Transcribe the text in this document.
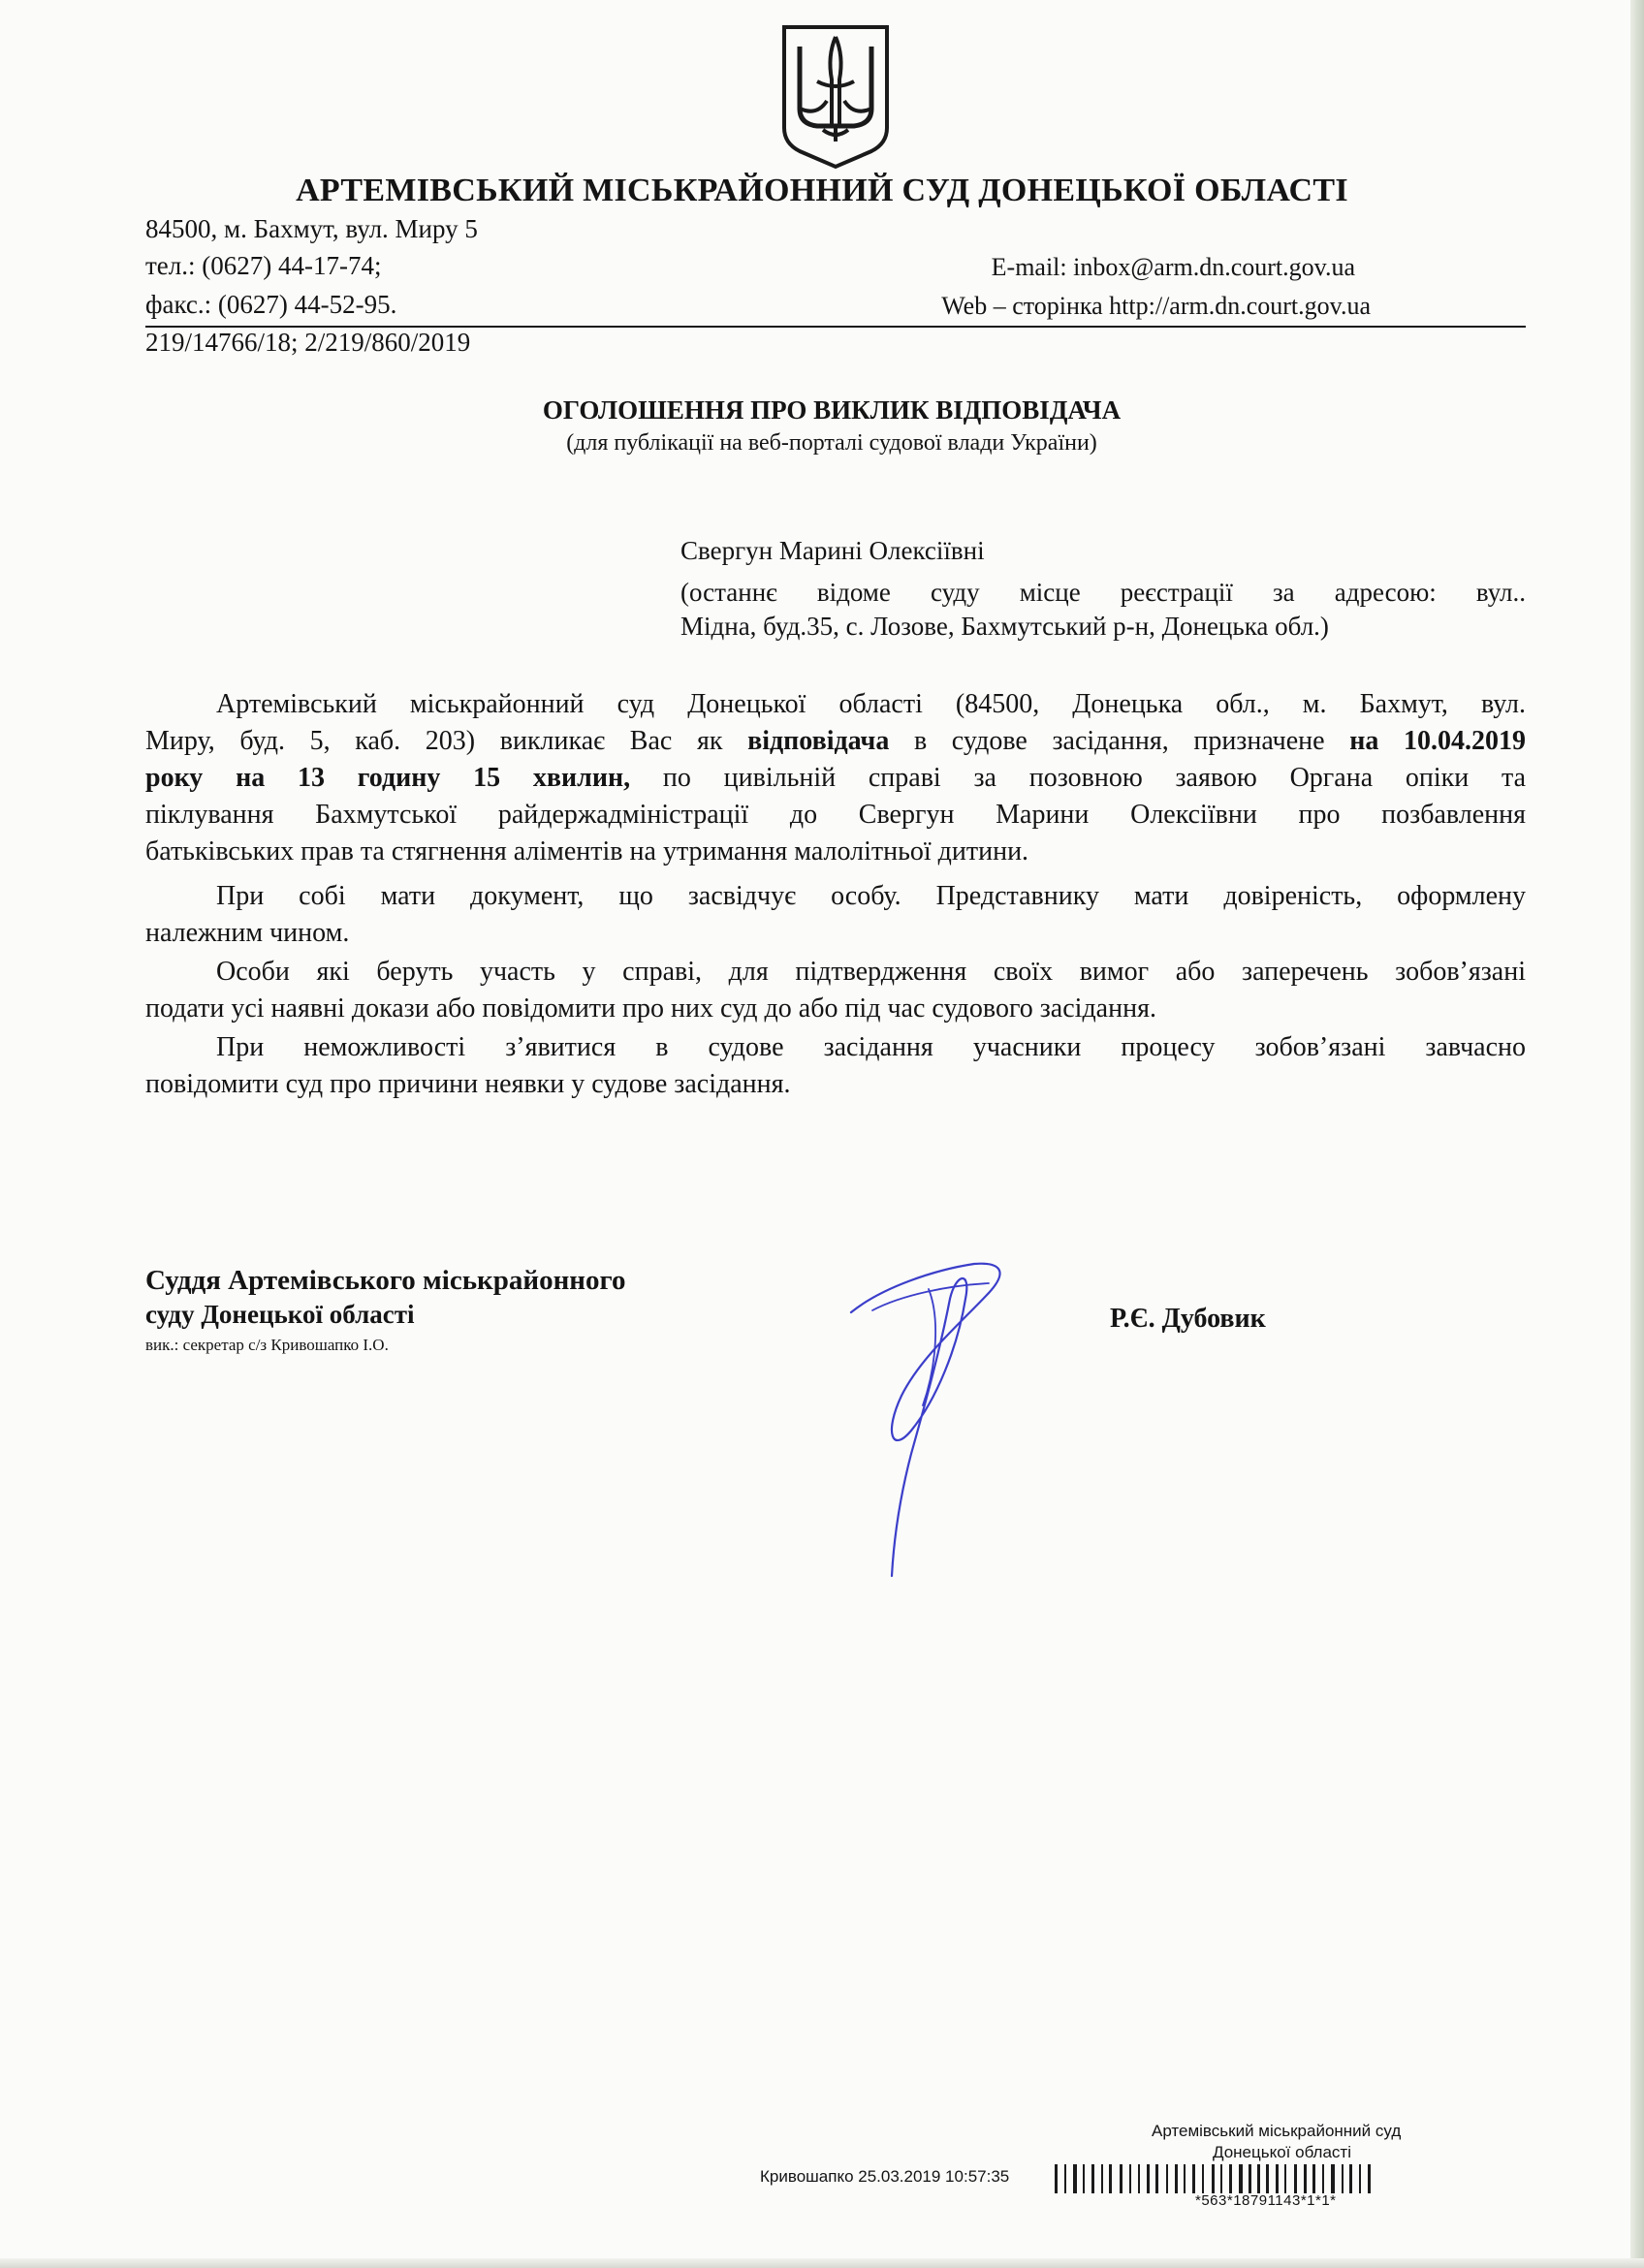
АРТЕМІВСЬКИЙ МІСЬКРАЙОННИЙ СУД ДОНЕЦЬКОЇ ОБЛАСТІ
84500, м. Бахмут, вул. Миру 5
тел.: (0627) 44-17-74;
факс.: (0627) 44-52-95.
E-mail: inbox@arm.dn.court.gov.ua
Web – сторінка http://arm.dn.court.gov.ua
219/14766/18; 2/219/860/2019
ОГОЛОШЕННЯ ПРО ВИКЛИК ВІДПОВІДАЧА
(для публікації на веб-порталі судової влади України)
Свергун Марині Олексіївні
(останнє відоме суду місце реєстрації за адресою: вул..
Мідна, буд.35, с. Лозове, Бахмутський р-н, Донецька обл.)
Артемівський міськрайонний суд Донецької області (84500, Донецька обл., м. Бахмут, вул.
Миру, буд. 5, каб. 203) викликає Вас як відповідача в судове засідання, призначене на 10.04.2019
року на 13 годину 15 хвилин, по цивільній справі за позовною заявою Органа опіки та
піклування Бахмутської райдержадміністрації до Свергун Марини Олексіївни про позбавлення
батьківських прав та стягнення аліментів на утримання малолітньої дитини.
При собі мати документ, що засвідчує особу. Представнику мати довіреність, оформлену
належним чином.
Особи які беруть участь у справі, для підтвердження своїх вимог або заперечень зобов’язані
подати усі наявні докази або повідомити про них суд до або під час судового засідання.
При неможливості з’явитися в судове засідання учасники процесу зобов’язані завчасно
повідомити суд про причини неявки у судове засідання.
Суддя Артемівського міськрайонного
суду Донецької області
вик.: секретар с/з Кривошапко І.О.
Р.Є. Дубовик
Артемівський міськрайонний суд
Донецької області
Кривошапко 25.03.2019 10:57:35
*563*18791143*1*1*
